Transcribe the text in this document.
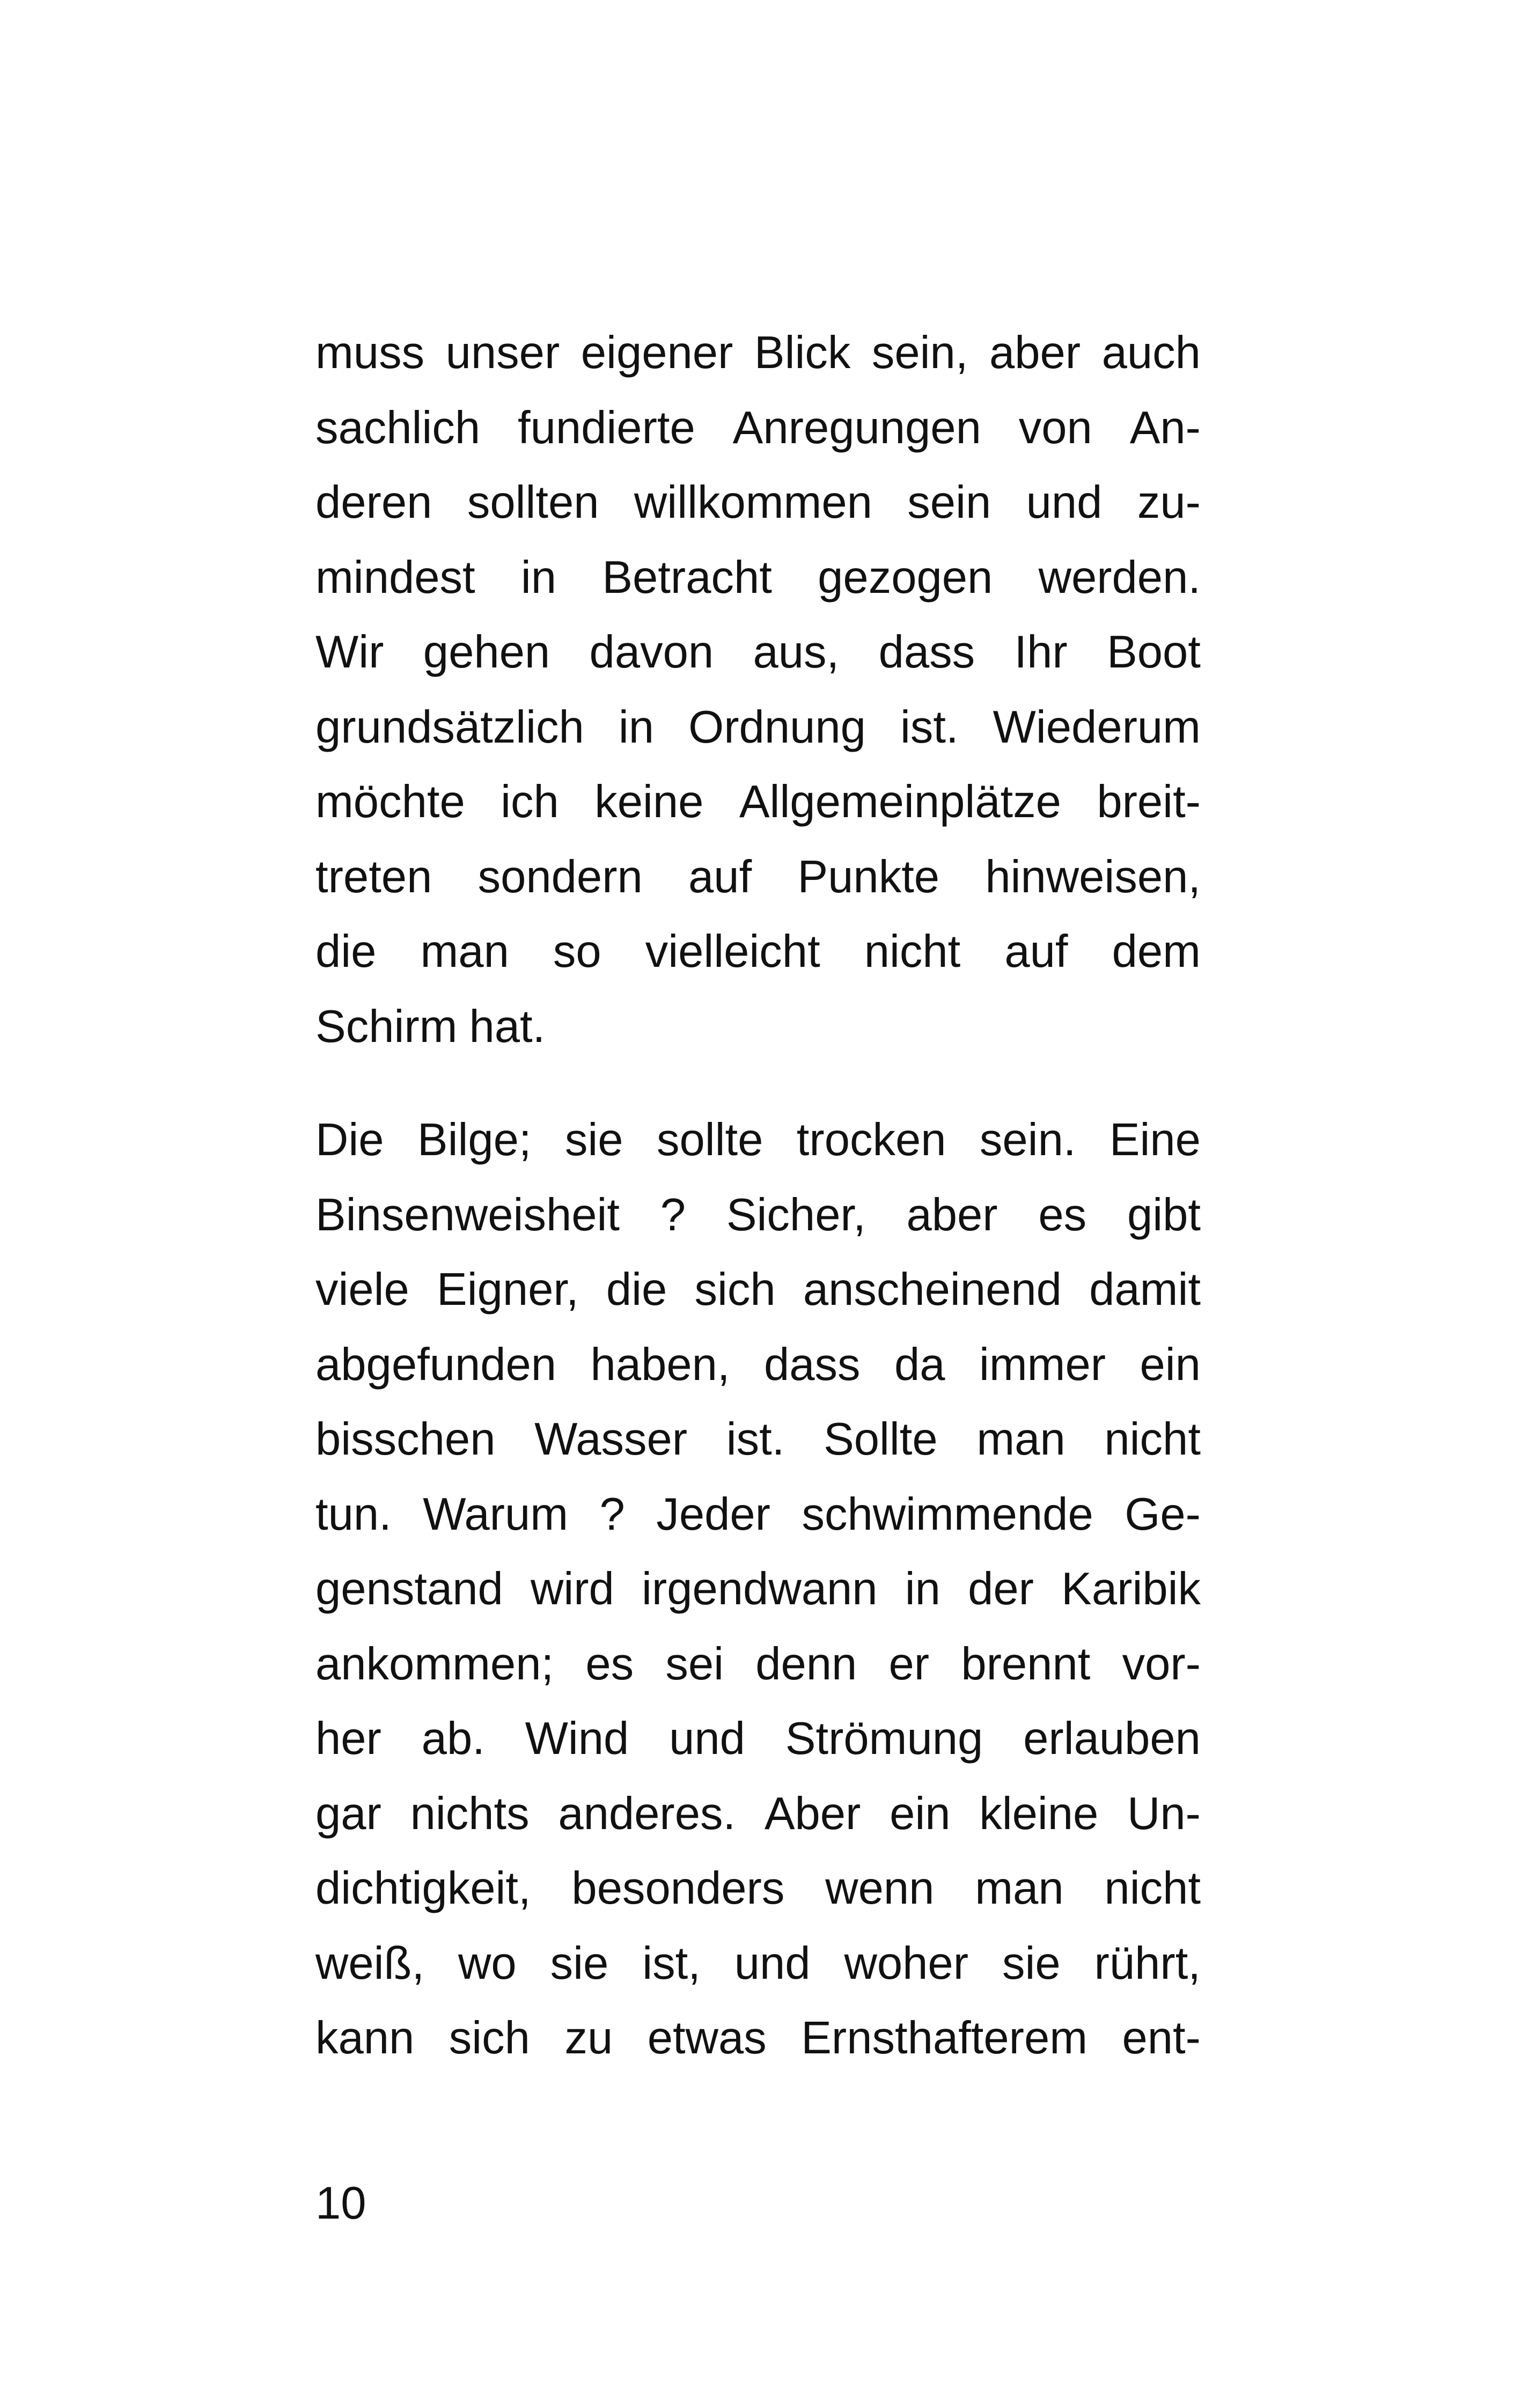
muss unser eigener Blick sein, aber auch
sachlich fundierte Anregungen von An-
deren sollten willkommen sein und zu-
mindest in Betracht gezogen werden.
Wir gehen davon aus, dass Ihr Boot
grundsätzlich in Ordnung ist. Wiederum
möchte ich keine Allgemeinplätze breit-
treten sondern auf Punkte hinweisen,
die man so vielleicht nicht auf dem
Schirm hat.
Die Bilge; sie sollte trocken sein. Eine
Binsenweisheit ? Sicher, aber es gibt
viele Eigner, die sich anscheinend damit
abgefunden haben, dass da immer ein
bisschen Wasser ist. Sollte man nicht
tun. Warum ? Jeder schwimmende Ge-
genstand wird irgendwann in der Karibik
ankommen; es sei denn er brennt vor-
her ab. Wind und Strömung erlauben
gar nichts anderes. Aber ein kleine Un-
dichtigkeit, besonders wenn man nicht
weiß, wo sie ist, und woher sie rührt,
kann sich zu etwas Ernsthafterem ent-
10
